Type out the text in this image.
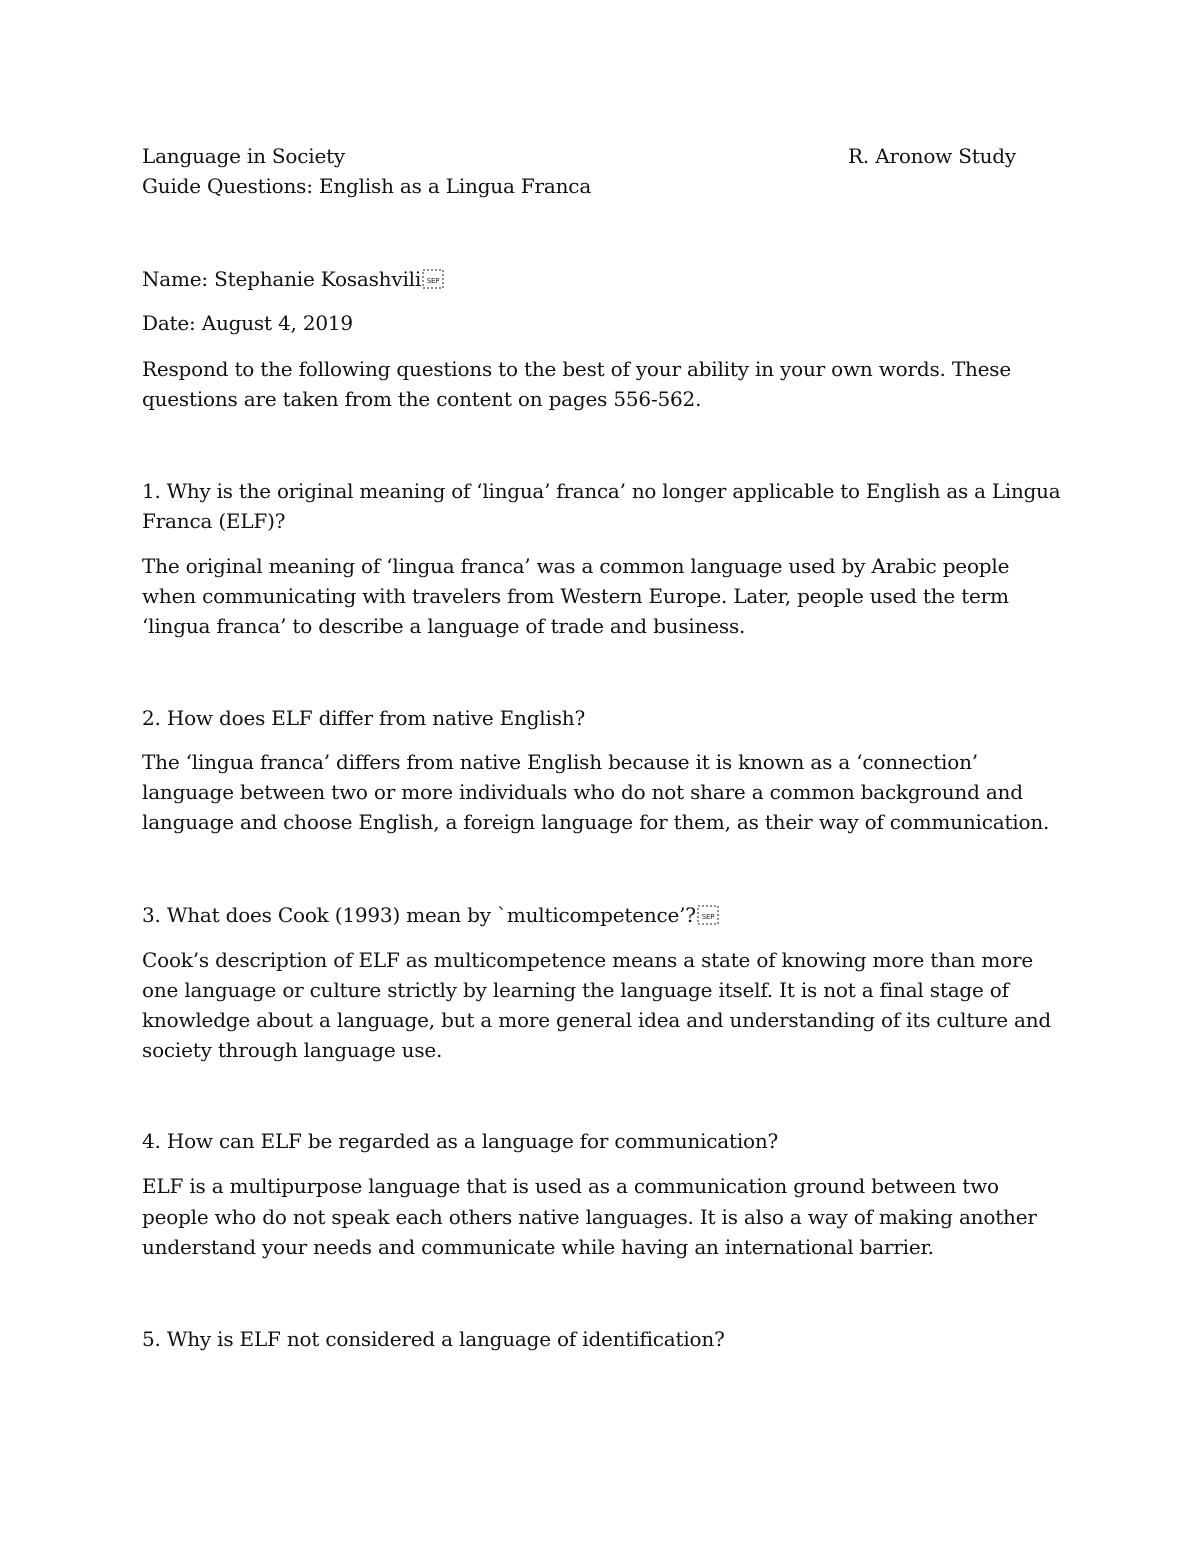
Language in Society	R. Aronow Study
Guide Questions: English as a Lingua Franca
Name: Stephanie Kosashvili SEP
Date: August 4, 2019
Respond to the following questions to the best of your ability in your own words. These
questions are taken from the content on pages 556-562.
1. Why is the original meaning of ‘lingua’ franca’ no longer applicable to English as a Lingua
Franca (ELF)?
The original meaning of ‘lingua franca’ was a common language used by Arabic people
when communicating with travelers from Western Europe. Later, people used the term
‘lingua franca’ to describe a language of trade and business.
2. How does ELF differ from native English?
The ‘lingua franca’ differs from native English because it is known as a ‘connection’
language between two or more individuals who do not share a common background and
language and choose English, a foreign language for them, as their way of communication.
3. What does Cook (1993) mean by `multicompetence’? SEP
Cook’s description of ELF as multicompetence means a state of knowing more than more
one language or culture strictly by learning the language itself. It is not a final stage of
knowledge about a language, but a more general idea and understanding of its culture and
society through language use.
4. How can ELF be regarded as a language for communication?
ELF is a multipurpose language that is used as a communication ground between two
people who do not speak each others native languages. It is also a way of making another
understand your needs and communicate while having an international barrier.
5. Why is ELF not considered a language of identification?
